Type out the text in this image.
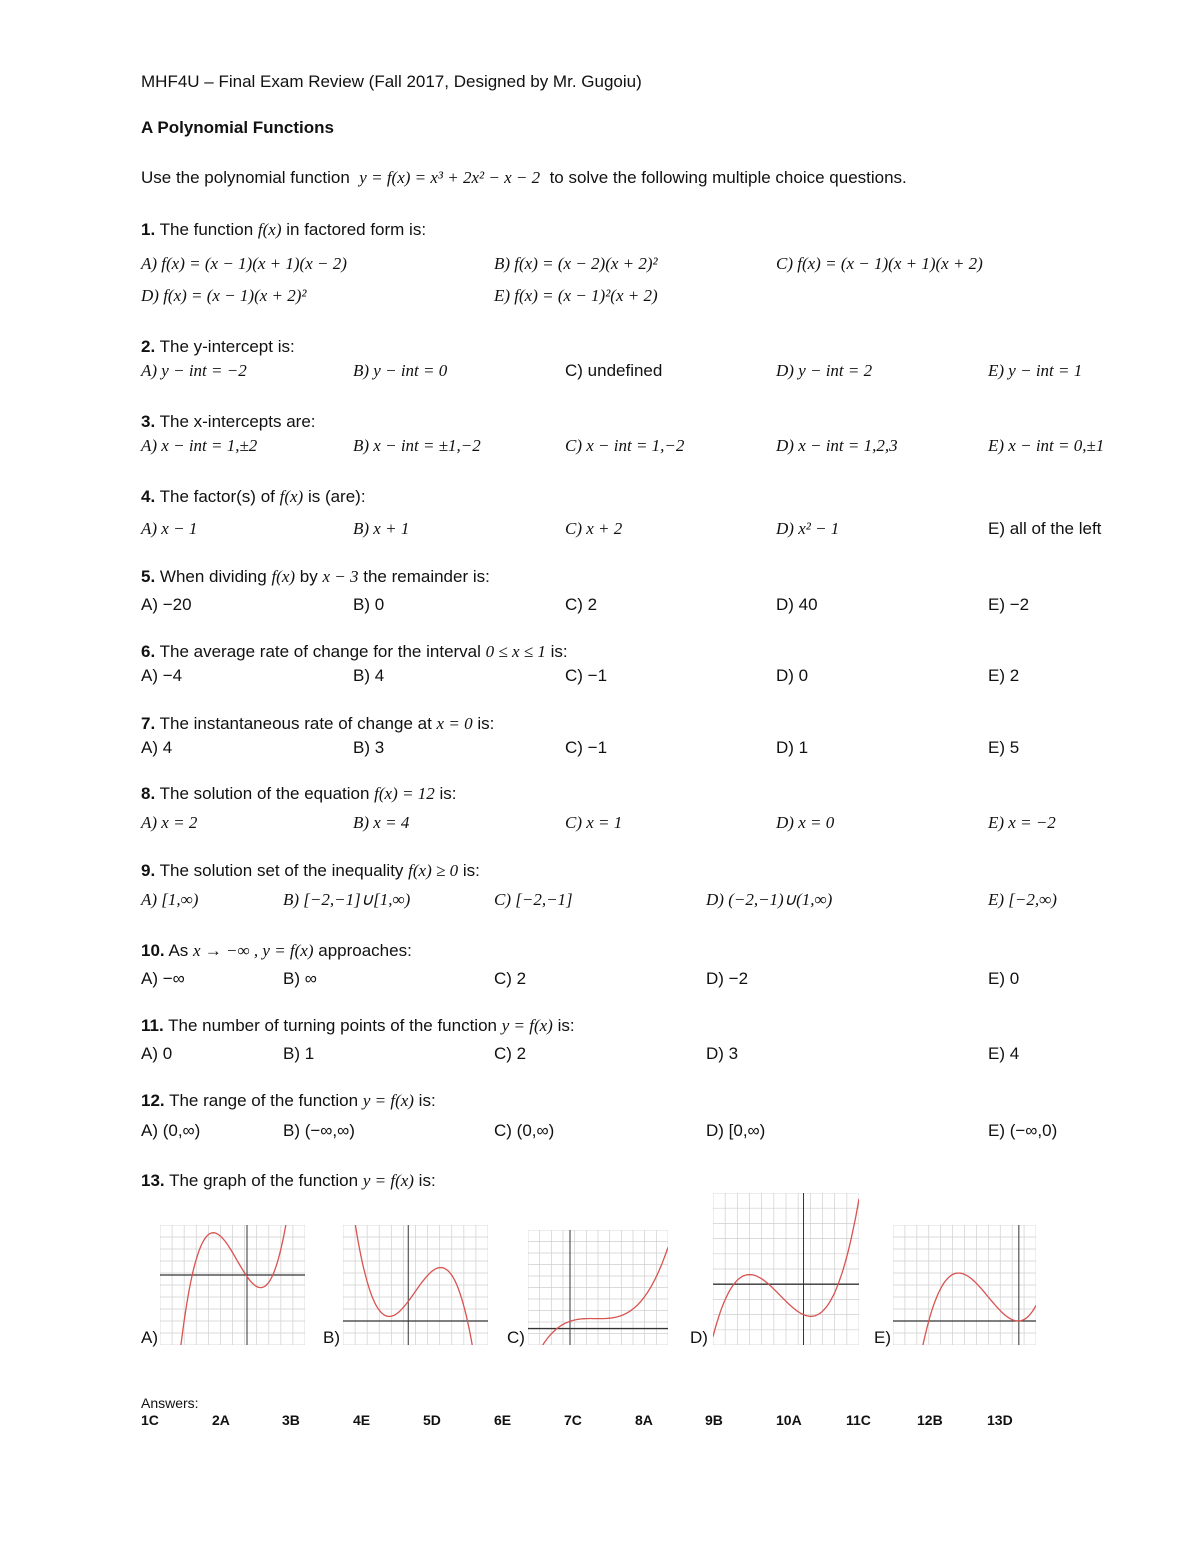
MHF4U – Final Exam Review (Fall 2017, Designed by Mr. Gugoiu)
A Polynomial Functions
Use the polynomial function y = f(x) = x³ + 2x² − x − 2 to solve the following multiple choice questions.
1. The function f(x) in factored form is:
A) f(x) = (x − 1)(x + 1)(x − 2)	B) f(x) = (x − 2)(x + 2)²	C) f(x) = (x − 1)(x + 1)(x + 2)
D) f(x) = (x − 1)(x + 2)²	E) f(x) = (x − 1)²(x + 2)
2. The y-intercept is:
A) y − int = −2	B) y − int = 0	C) undefined	D) y − int = 2	E) y − int = 1
3. The x-intercepts are:
A) x − int = 1,±2	B) x − int = ±1,−2	C) x − int = 1,−2	D) x − int = 1,2,3	E) x − int = 0,±1
4. The factor(s) of f(x) is (are):
A) x − 1	B) x + 1	C) x + 2	D) x² − 1	E) all of the left
5. When dividing f(x) by x − 3 the remainder is:
A) −20	B) 0	C) 2	D) 40	E) −2
6. The average rate of change for the interval 0 ≤ x ≤ 1 is:
A) −4	B) 4	C) −1	D) 0	E) 2
7. The instantaneous rate of change at x = 0 is:
A) 4	B) 3	C) −1	D) 1	E) 5
8. The solution of the equation f(x) = 12 is:
A) x = 2	B) x = 4	C) x = 1	D) x = 0	E) x = −2
9. The solution set of the inequality f(x) ≥ 0 is:
A) [1,∞)	B) [−2,−1]∪[1,∞)	C) [−2,−1]	D) (−2,−1)∪(1,∞)	E) [−2,∞)
10. As x → −∞ , y = f(x) approaches:
A) −∞	B) ∞	C) 2	D) −2	E) 0
11. The number of turning points of the function y = f(x) is:
A) 0	B) 1	C) 2	D) 3	E) 4
12. The range of the function y = f(x) is:
A) (0,∞)	B) (−∞,∞)	C) (0,∞)	D) [0,∞)	E) (−∞,0)
13. The graph of the function y = f(x) is:
A)	B)	C)	D)	E)
Answers:
1C	2A	3B	4E	5D	6E	7C	8A	9B	10A	11C	12B	13D
